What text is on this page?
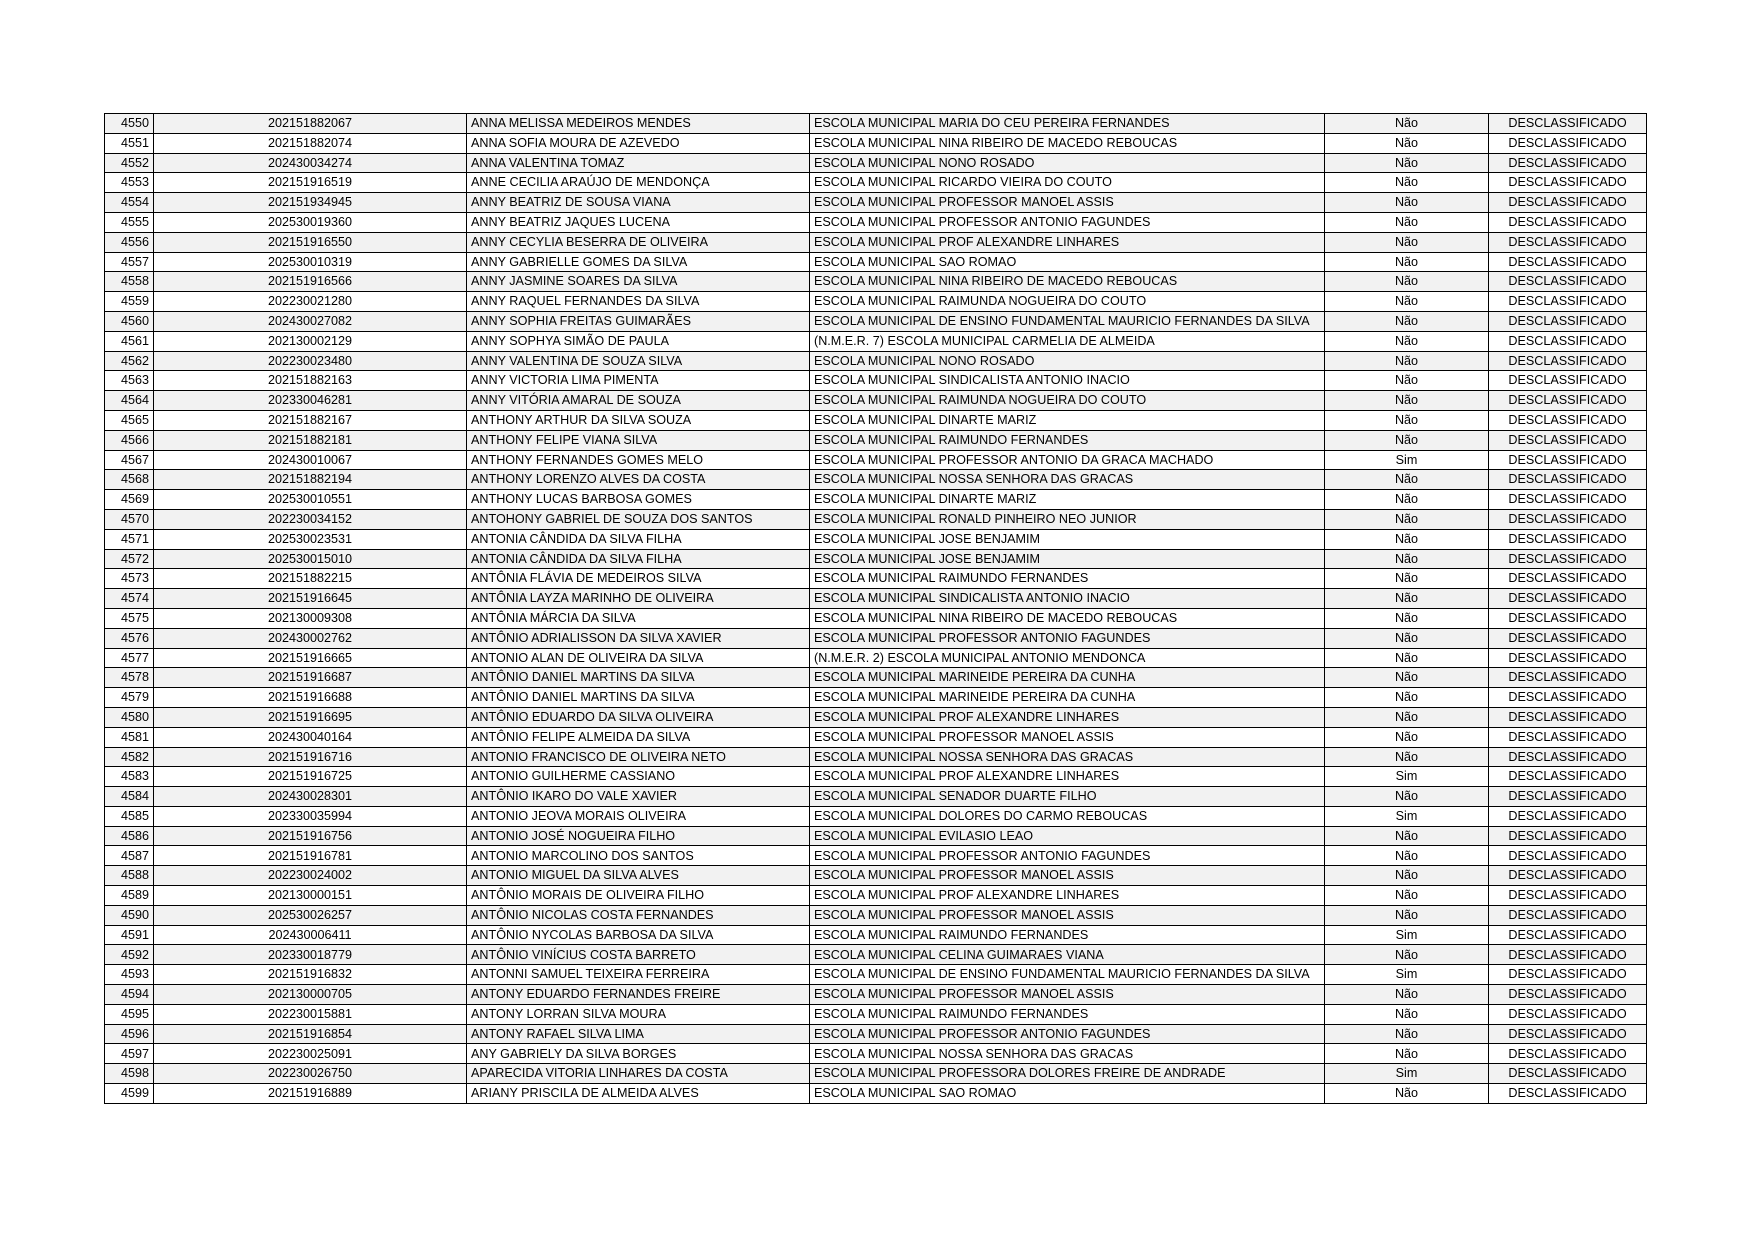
4550	202151882067	ANNA MELISSA MEDEIROS MENDES	ESCOLA MUNICIPAL MARIA DO CEU PEREIRA FERNANDES	Não	DESCLASSIFICADO
4551	202151882074	ANNA SOFIA MOURA DE AZEVEDO	ESCOLA MUNICIPAL NINA RIBEIRO DE MACEDO REBOUCAS	Não	DESCLASSIFICADO
4552	202430034274	ANNA VALENTINA TOMAZ	ESCOLA MUNICIPAL NONO ROSADO	Não	DESCLASSIFICADO
4553	202151916519	ANNE CECILIA ARAÚJO DE MENDONÇA	ESCOLA MUNICIPAL RICARDO VIEIRA DO COUTO	Não	DESCLASSIFICADO
4554	202151934945	ANNY BEATRIZ DE SOUSA VIANA	ESCOLA MUNICIPAL PROFESSOR MANOEL ASSIS	Não	DESCLASSIFICADO
4555	202530019360	ANNY BEATRIZ JAQUES LUCENA	ESCOLA MUNICIPAL PROFESSOR ANTONIO FAGUNDES	Não	DESCLASSIFICADO
4556	202151916550	ANNY CECYLIA BESERRA DE OLIVEIRA	ESCOLA MUNICIPAL PROF ALEXANDRE LINHARES	Não	DESCLASSIFICADO
4557	202530010319	ANNY GABRIELLE GOMES DA SILVA	ESCOLA MUNICIPAL SAO ROMAO	Não	DESCLASSIFICADO
4558	202151916566	ANNY JASMINE SOARES DA SILVA	ESCOLA MUNICIPAL NINA RIBEIRO DE MACEDO REBOUCAS	Não	DESCLASSIFICADO
4559	202230021280	ANNY RAQUEL FERNANDES DA SILVA	ESCOLA MUNICIPAL RAIMUNDA NOGUEIRA DO COUTO	Não	DESCLASSIFICADO
4560	202430027082	ANNY SOPHIA FREITAS GUIMARÃES	ESCOLA MUNICIPAL DE ENSINO FUNDAMENTAL MAURICIO FERNANDES DA SILVA	Não	DESCLASSIFICADO
4561	202130002129	ANNY SOPHYA SIMÃO DE PAULA	(N.M.E.R. 7) ESCOLA MUNICIPAL CARMELIA DE ALMEIDA	Não	DESCLASSIFICADO
4562	202230023480	ANNY VALENTINA DE SOUZA SILVA	ESCOLA MUNICIPAL NONO ROSADO	Não	DESCLASSIFICADO
4563	202151882163	ANNY VICTORIA LIMA PIMENTA	ESCOLA MUNICIPAL SINDICALISTA ANTONIO INACIO	Não	DESCLASSIFICADO
4564	202330046281	ANNY VITÓRIA AMARAL DE SOUZA	ESCOLA MUNICIPAL RAIMUNDA NOGUEIRA DO COUTO	Não	DESCLASSIFICADO
4565	202151882167	ANTHONY ARTHUR DA SILVA SOUZA	ESCOLA MUNICIPAL DINARTE MARIZ	Não	DESCLASSIFICADO
4566	202151882181	ANTHONY FELIPE VIANA SILVA	ESCOLA MUNICIPAL RAIMUNDO FERNANDES	Não	DESCLASSIFICADO
4567	202430010067	ANTHONY FERNANDES GOMES MELO	ESCOLA MUNICIPAL PROFESSOR ANTONIO DA GRACA MACHADO	Sim	DESCLASSIFICADO
4568	202151882194	ANTHONY LORENZO ALVES DA COSTA	ESCOLA MUNICIPAL NOSSA SENHORA DAS GRACAS	Não	DESCLASSIFICADO
4569	202530010551	ANTHONY LUCAS BARBOSA GOMES	ESCOLA MUNICIPAL DINARTE MARIZ	Não	DESCLASSIFICADO
4570	202230034152	ANTOHONY GABRIEL DE SOUZA DOS SANTOS	ESCOLA MUNICIPAL RONALD PINHEIRO NEO JUNIOR	Não	DESCLASSIFICADO
4571	202530023531	ANTONIA CÂNDIDA DA SILVA FILHA	ESCOLA MUNICIPAL JOSE BENJAMIM	Não	DESCLASSIFICADO
4572	202530015010	ANTONIA CÂNDIDA DA SILVA FILHA	ESCOLA MUNICIPAL JOSE BENJAMIM	Não	DESCLASSIFICADO
4573	202151882215	ANTÔNIA FLÁVIA DE MEDEIROS SILVA	ESCOLA MUNICIPAL RAIMUNDO FERNANDES	Não	DESCLASSIFICADO
4574	202151916645	ANTÔNIA LAYZA MARINHO DE OLIVEIRA	ESCOLA MUNICIPAL SINDICALISTA ANTONIO INACIO	Não	DESCLASSIFICADO
4575	202130009308	ANTÔNIA MÁRCIA DA SILVA	ESCOLA MUNICIPAL NINA RIBEIRO DE MACEDO REBOUCAS	Não	DESCLASSIFICADO
4576	202430002762	ANTÔNIO ADRIALISSON DA SILVA XAVIER	ESCOLA MUNICIPAL PROFESSOR ANTONIO FAGUNDES	Não	DESCLASSIFICADO
4577	202151916665	ANTONIO ALAN DE OLIVEIRA DA SILVA	(N.M.E.R. 2) ESCOLA MUNICIPAL ANTONIO MENDONCA	Não	DESCLASSIFICADO
4578	202151916687	ANTÔNIO DANIEL MARTINS DA SILVA	ESCOLA MUNICIPAL MARINEIDE PEREIRA DA CUNHA	Não	DESCLASSIFICADO
4579	202151916688	ANTÔNIO DANIEL MARTINS DA SILVA	ESCOLA MUNICIPAL MARINEIDE PEREIRA DA CUNHA	Não	DESCLASSIFICADO
4580	202151916695	ANTÔNIO EDUARDO DA SILVA OLIVEIRA	ESCOLA MUNICIPAL PROF ALEXANDRE LINHARES	Não	DESCLASSIFICADO
4581	202430040164	ANTÔNIO FELIPE ALMEIDA DA SILVA	ESCOLA MUNICIPAL PROFESSOR MANOEL ASSIS	Não	DESCLASSIFICADO
4582	202151916716	ANTONIO FRANCISCO DE OLIVEIRA NETO	ESCOLA MUNICIPAL NOSSA SENHORA DAS GRACAS	Não	DESCLASSIFICADO
4583	202151916725	ANTONIO GUILHERME CASSIANO	ESCOLA MUNICIPAL PROF ALEXANDRE LINHARES	Sim	DESCLASSIFICADO
4584	202430028301	ANTÔNIO IKARO DO VALE XAVIER	ESCOLA MUNICIPAL SENADOR DUARTE FILHO	Não	DESCLASSIFICADO
4585	202330035994	ANTONIO JEOVA MORAIS OLIVEIRA	ESCOLA MUNICIPAL DOLORES DO CARMO REBOUCAS	Sim	DESCLASSIFICADO
4586	202151916756	ANTONIO JOSÉ NOGUEIRA FILHO	ESCOLA MUNICIPAL EVILASIO LEAO	Não	DESCLASSIFICADO
4587	202151916781	ANTONIO MARCOLINO DOS SANTOS	ESCOLA MUNICIPAL PROFESSOR ANTONIO FAGUNDES	Não	DESCLASSIFICADO
4588	202230024002	ANTONIO MIGUEL DA SILVA ALVES	ESCOLA MUNICIPAL PROFESSOR MANOEL ASSIS	Não	DESCLASSIFICADO
4589	202130000151	ANTÔNIO MORAIS DE OLIVEIRA FILHO	ESCOLA MUNICIPAL PROF ALEXANDRE LINHARES	Não	DESCLASSIFICADO
4590	202530026257	ANTÔNIO NICOLAS COSTA FERNANDES	ESCOLA MUNICIPAL PROFESSOR MANOEL ASSIS	Não	DESCLASSIFICADO
4591	202430006411	ANTÔNIO NYCOLAS BARBOSA DA SILVA	ESCOLA MUNICIPAL RAIMUNDO FERNANDES	Sim	DESCLASSIFICADO
4592	202330018779	ANTÔNIO VINÍCIUS COSTA BARRETO	ESCOLA MUNICIPAL CELINA GUIMARAES VIANA	Não	DESCLASSIFICADO
4593	202151916832	ANTONNI SAMUEL TEIXEIRA FERREIRA	ESCOLA MUNICIPAL DE ENSINO FUNDAMENTAL MAURICIO FERNANDES DA SILVA	Sim	DESCLASSIFICADO
4594	202130000705	ANTONY EDUARDO FERNANDES FREIRE	ESCOLA MUNICIPAL PROFESSOR MANOEL ASSIS	Não	DESCLASSIFICADO
4595	202230015881	ANTONY LORRAN SILVA MOURA	ESCOLA MUNICIPAL RAIMUNDO FERNANDES	Não	DESCLASSIFICADO
4596	202151916854	ANTONY RAFAEL SILVA LIMA	ESCOLA MUNICIPAL PROFESSOR ANTONIO FAGUNDES	Não	DESCLASSIFICADO
4597	202230025091	ANY GABRIELY DA SILVA BORGES	ESCOLA MUNICIPAL NOSSA SENHORA DAS GRACAS	Não	DESCLASSIFICADO
4598	202230026750	APARECIDA VITORIA LINHARES DA COSTA	ESCOLA MUNICIPAL PROFESSORA DOLORES FREIRE DE ANDRADE	Sim	DESCLASSIFICADO
4599	202151916889	ARIANY PRISCILA DE ALMEIDA ALVES	ESCOLA MUNICIPAL SAO ROMAO	Não	DESCLASSIFICADO
